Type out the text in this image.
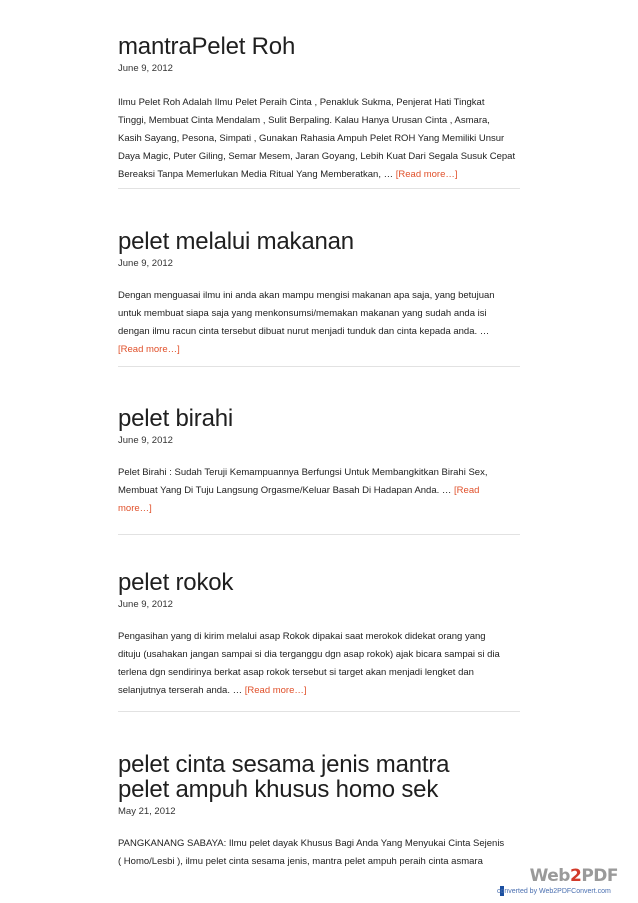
mantraPelet Roh
June 9, 2012
Ilmu Pelet Roh Adalah Ilmu Pelet Peraih Cinta , Penakluk Sukma, Penjerat Hati Tingkat
Tinggi, Membuat Cinta Mendalam , Sulit Berpaling. Kalau Hanya Urusan Cinta , Asmara,
Kasih Sayang, Pesona, Simpati , Gunakan Rahasia Ampuh Pelet ROH Yang Memiliki Unsur
Daya Magic, Puter Giling, Semar Mesem, Jaran Goyang, Lebih Kuat Dari Segala Susuk Cepat
Bereaksi Tanpa Memerlukan Media Ritual Yang Memberatkan, … [Read more…]
pelet melalui makanan
June 9, 2012
Dengan menguasai ilmu ini anda akan mampu mengisi makanan apa saja, yang betujuan
untuk membuat siapa saja yang menkonsumsi/memakan makanan yang sudah anda isi
dengan ilmu racun cinta tersebut dibuat nurut menjadi tunduk dan cinta kepada anda. …
[Read more…]
pelet birahi
June 9, 2012
Pelet Birahi : Sudah Teruji Kemampuannya Berfungsi Untuk Membangkitkan Birahi Sex,
Membuat Yang Di Tuju Langsung Orgasme/Keluar Basah Di Hadapan Anda. … [Read
more…]
pelet rokok
June 9, 2012
Pengasihan yang di kirim melalui asap Rokok dipakai saat merokok didekat orang yang
dituju (usahakan jangan sampai si dia terganggu dgn asap rokok) ajak bicara sampai si dia
terlena dgn sendirinya berkat asap rokok tersebut si target akan menjadi lengket dan
selanjutnya terserah anda. … [Read more…]
pelet cinta sesama jenis mantra pelet ampuh khusus homo sek
May 21, 2012
PANGKANANG SABAYA: Ilmu pelet dayak Khusus Bagi Anda Yang Menyukai Cinta Sejenis
( Homo/Lesbi ), ilmu pelet cinta sesama jenis, mantra pelet ampuh peraih cinta asmara
Web2PDF
converted by Web2PDFConvert.com
